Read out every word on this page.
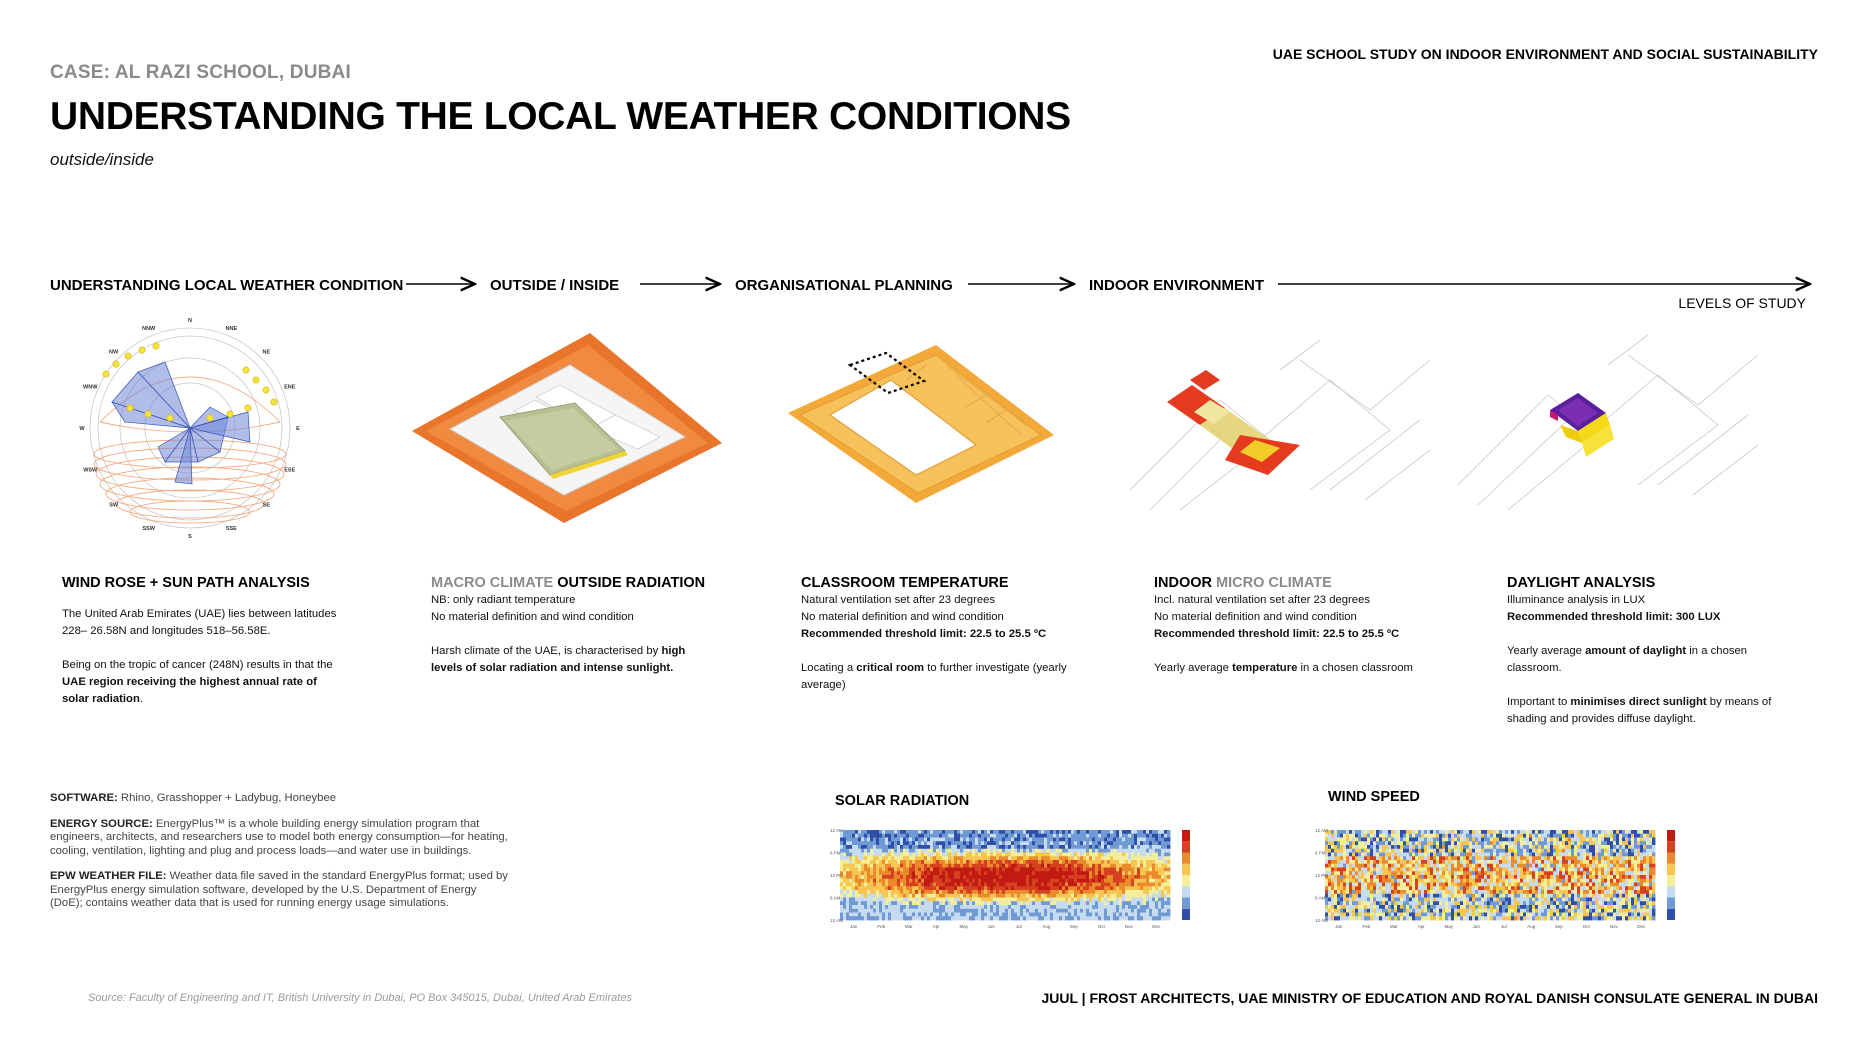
CASE: AL RAZI SCHOOL, DUBAI
UNDERSTANDING THE LOCAL WEATHER CONDITIONS
outside/inside
UAE SCHOOL STUDY ON INDOOR ENVIRONMENT AND SOCIAL SUSTAINABILITY
UNDERSTANDING LOCAL WEATHER CONDITION	OUTSIDE / INSIDE	ORGANISATIONAL PLANNING	INDOOR ENVIRONMENT
LEVELS OF STUDY
N
NNE
NE
ENE
E
ESE
SE
SSE
S
SSW
SW
WSW
W
WNW
NW
NNW
WIND ROSE + SUN PATH ANALYSIS

The United Arab Emirates (UAE) lies between latitudes

228– 26.58N and longitudes 518–56.58E.

Being on the tropic of cancer (248N) results in that the

UAE region receiving the highest annual rate of

solar radiation.

MACRO CLIMATE OUTSIDE RADIATION

NB: only radiant temperature

No material definition and wind condition

Harsh climate of the UAE, is characterised by high

levels of solar radiation and intense sunlight.

CLASSROOM TEMPERATURE

Natural ventilation set after 23 degrees

No material definition and wind condition

Recommended threshold limit: 22.5 to 25.5 ºC

Locating a critical room to further investigate (yearly

average)

INDOOR MICRO CLIMATE

Incl. natural ventilation set after 23 degrees

No material definition and wind condition

Recommended threshold limit: 22.5 to 25.5 ºC

Yearly average temperature in a chosen classroom

DAYLIGHT ANALYSIS

Illuminance analysis in LUX

Recommended threshold limit: 300 LUX

Yearly average amount of daylight in a chosen

classroom.

Important to minimises direct sunlight by means of

shading and provides diffuse daylight.

SOFTWARE: Rhino, Grasshopper + Ladybug, Honeybee

ENERGY SOURCE: EnergyPlus™ is a whole building energy simulation program that engineers, architects, and researchers use to model both energy consumption—for heating, cooling, ventilation, lighting and plug and process loads—and water use in buildings.

EPW WEATHER FILE: Weather data file saved in the standard EnergyPlus format; used by EnergyPlus energy simulation software, developed by the U.S. Department of Energy (DoE); contains weather data that is used for running energy usage simulations.

SOLAR RADIATION	WIND SPEED
12 AM
6 PM
12 PM
6 AM
12 AM
Jan	Feb	Mar	Apr	May	Jun	Jul	Aug	Sep	Oct	Nov	Dec
12 AM
6 PM
12 PM
6 AM
12 AM
Jan	Feb	Mar	Apr	May	Jun	Jul	Aug	Sep	Oct	Nov	Dec
Source: Faculty of Engineering and IT, British University in Dubai, PO Box 345015, Dubai, United Arab Emirates	JUUL | FROST ARCHITECTS, UAE MINISTRY OF EDUCATION AND ROYAL DANISH CONSULATE GENERAL IN DUBAI
